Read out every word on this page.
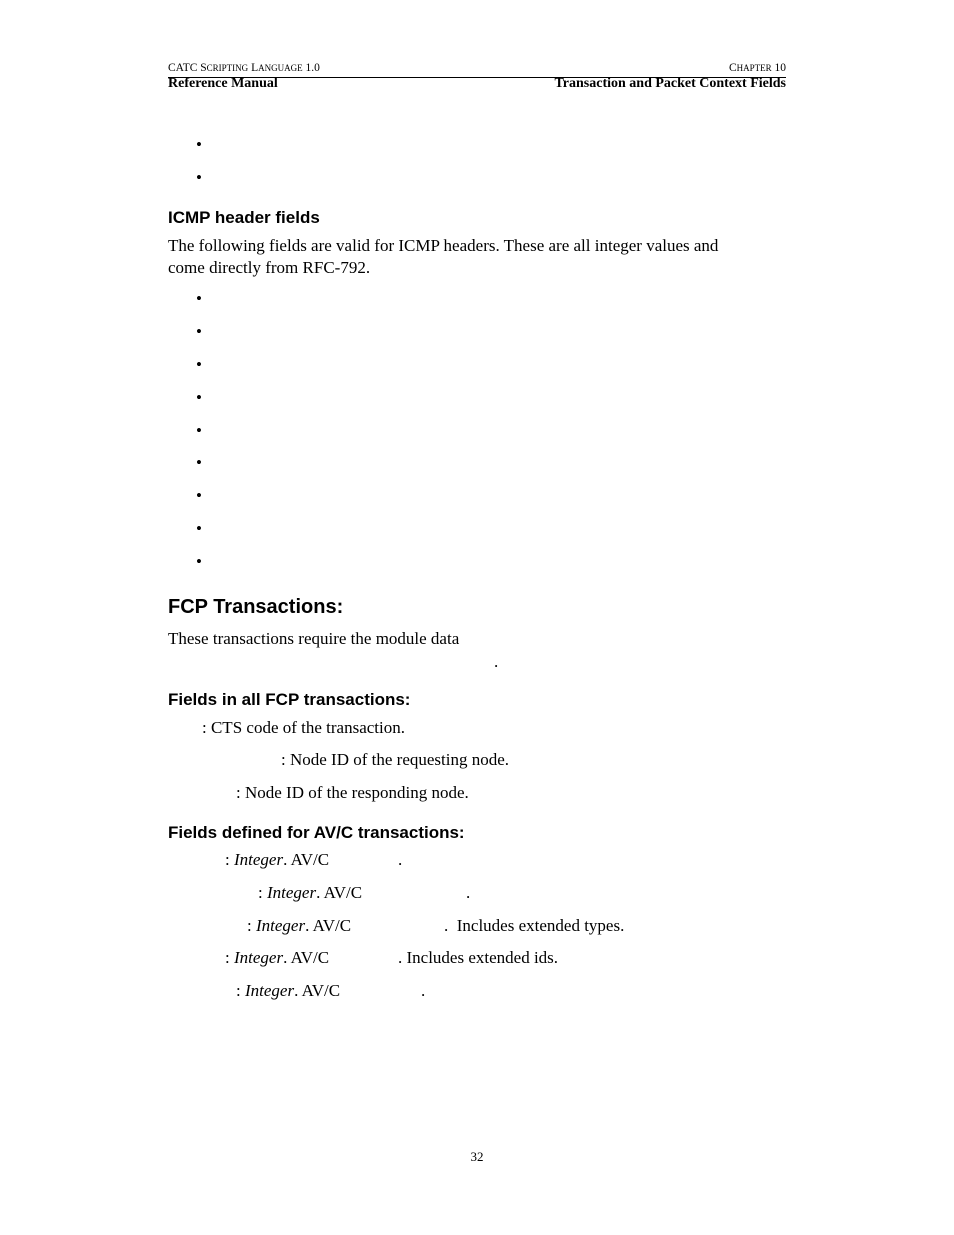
CATC SCRIPTING LANGUAGE 1.0	CHAPTER 10
Reference Manual	Transaction and Packet Context Fields
•
•
ICMP header fields
The following fields are valid for ICMP headers. These are all integer values and
come directly from RFC-792.
•
•
•
•
•
•
•
•
•
FCP Transactions:
These transactions require the module data
.
Fields in all FCP transactions:
: CTS code of the transaction.
: Node ID of the requesting node.
: Node ID of the responding node.
Fields defined for AV/C transactions:
: Integer. AV/C	.
: Integer. AV/C	.
: Integer. AV/C	.  Includes extended types.
: Integer. AV/C	. Includes extended ids.
: Integer. AV/C	.
32
